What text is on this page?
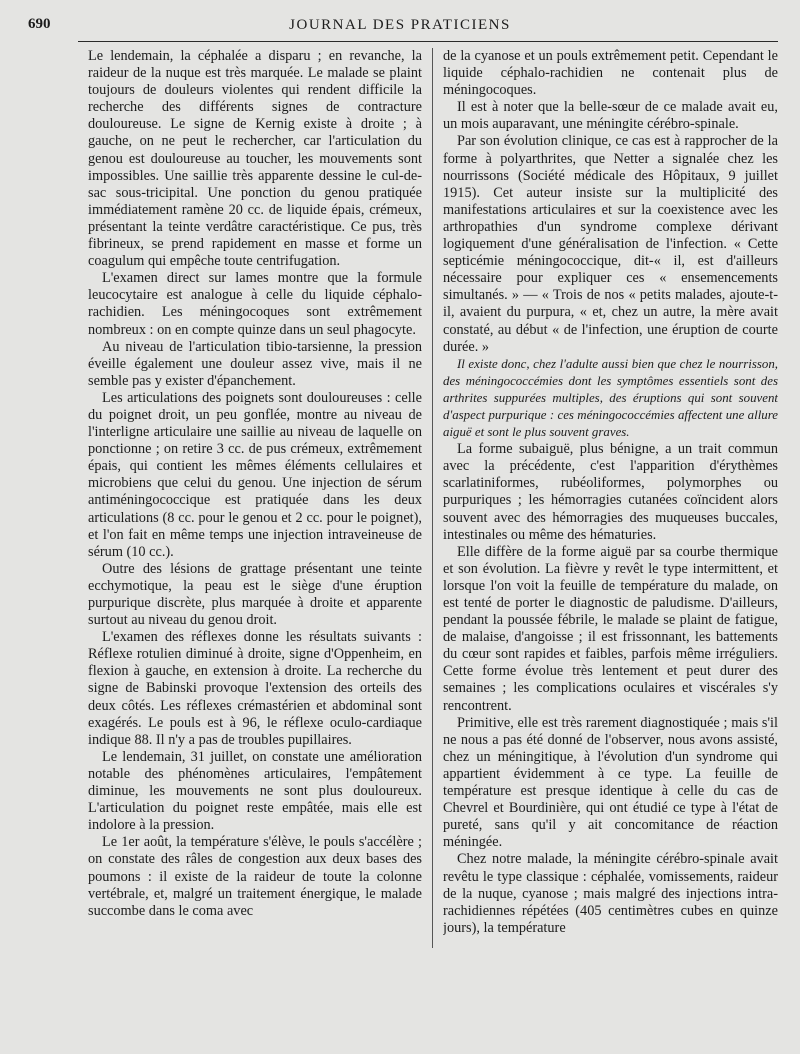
690	JOURNAL DES PRATICIENS

Le lendemain, la céphalée a disparu ; en revanche, la raideur de la nuque est très marquée. Le malade se plaint toujours de douleurs violentes qui rendent difficile la recherche des différents signes de contracture douloureuse. Le signe de Kernig existe à droite ; à gauche, on ne peut le rechercher, car l'articulation du genou est douloureuse au toucher, les mouvements sont impossibles. Une saillie très apparente dessine le cul-de-sac sous-tricipital. Une ponction du genou pratiquée immédiatement ramène 20 cc. de liquide épais, crémeux, présentant la teinte verdâtre caractéristique. Ce pus, très fibrineux, se prend rapidement en masse et forme un coagulum qui empêche toute centrifugation.

L'examen direct sur lames montre que la formule leucocytaire est analogue à celle du liquide céphalo-rachidien. Les méningocoques sont extrêmement nombreux : on en compte quinze dans un seul phagocyte.

Au niveau de l'articulation tibio-tarsienne, la pression éveille également une douleur assez vive, mais il ne semble pas y exister d'épanchement.

Les articulations des poignets sont douloureuses : celle du poignet droit, un peu gonflée, montre au niveau de l'interligne articulaire une saillie au niveau de laquelle on ponctionne ; on retire 3 cc. de pus crémeux, extrêmement épais, qui contient les mêmes éléments cellulaires et microbiens que celui du genou. Une injection de sérum antiméningococcique est pratiquée dans les deux articulations (8 cc. pour le genou et 2 cc. pour le poignet), et l'on fait en même temps une injection intraveineuse de sérum (10 cc.).

Outre des lésions de grattage présentant une teinte ecchymotique, la peau est le siège d'une éruption purpurique discrète, plus marquée à droite et apparente surtout au niveau du genou droit.

L'examen des réflexes donne les résultats suivants : Réflexe rotulien diminué à droite, signe d'Oppenheim, en flexion à gauche, en extension à droite. La recherche du signe de Babinski provoque l'extension des orteils des deux côtés. Les réflexes crémastérien et abdominal sont exagérés. Le pouls est à 96, le réflexe oculo-cardiaque indique 88. Il n'y a pas de troubles pupillaires.

Le lendemain, 31 juillet, on constate une amélioration notable des phénomènes articulaires, l'empâtement diminue, les mouvements ne sont plus douloureux. L'articulation du poignet reste empâtée, mais elle est indolore à la pression.

Le 1er août, la température s'élève, le pouls s'accélère ; on constate des râles de congestion aux deux bases des poumons : il existe de la raideur de toute la colonne vertébrale, et, malgré un traitement énergique, le malade succombe dans le coma avec

de la cyanose et un pouls extrêmement petit. Cependant le liquide céphalo-rachidien ne contenait plus de méningocoques.

Il est à noter que la belle-sœur de ce malade avait eu, un mois auparavant, une méningite cérébro-spinale.

Par son évolution clinique, ce cas est à rapprocher de la forme à polyarthrites, que Netter a signalée chez les nourrissons (Société médicale des Hôpitaux, 9 juillet 1915). Cet auteur insiste sur la multiplicité des manifestations articulaires et sur la coexistence avec les arthropathies d'un syndrome complexe dérivant logiquement d'une généralisation de l'infection. « Cette septicémie méningococcique, dit-« il, est d'ailleurs nécessaire pour expliquer ces « ensemencements simultanés. » — « Trois de nos « petits malades, ajoute-t-il, avaient du purpura, « et, chez un autre, la mère avait constaté, au début « de l'infection, une éruption de courte durée. »

Il existe donc, chez l'adulte aussi bien que chez le nourrisson, des méningococcémies dont les symptômes essentiels sont des arthrites suppurées multiples, des éruptions qui sont souvent d'aspect purpurique : ces méningococcémies affectent une allure aiguë et sont le plus souvent graves.

La forme subaiguë, plus bénigne, a un trait commun avec la précédente, c'est l'apparition d'érythèmes scarlatiniformes, rubéoliformes, polymorphes ou purpuriques ; les hémorragies cutanées coïncident alors souvent avec des hémorragies des muqueuses buccales, intestinales ou même des hématuries.

Elle diffère de la forme aiguë par sa courbe thermique et son évolution. La fièvre y revêt le type intermittent, et lorsque l'on voit la feuille de température du malade, on est tenté de porter le diagnostic de paludisme. D'ailleurs, pendant la poussée fébrile, le malade se plaint de fatigue, de malaise, d'angoisse ; il est frissonnant, les battements du cœur sont rapides et faibles, parfois même irréguliers. Cette forme évolue très lentement et peut durer des semaines ; les complications oculaires et viscérales s'y rencontrent.

Primitive, elle est très rarement diagnostiquée ; mais s'il ne nous a pas été donné de l'observer, nous avons assisté, chez un méningitique, à l'évolution d'un syndrome qui appartient évidemment à ce type. La feuille de température est presque identique à celle du cas de Chevrel et Bourdinière, qui ont étudié ce type à l'état de pureté, sans qu'il y ait concomitance de réaction méningée.

Chez notre malade, la méningite cérébro-spinale avait revêtu le type classique : céphalée, vomissements, raideur de la nuque, cyanose ; mais malgré des injections intra-rachidiennes répétées (405 centimètres cubes en quinze jours), la température
